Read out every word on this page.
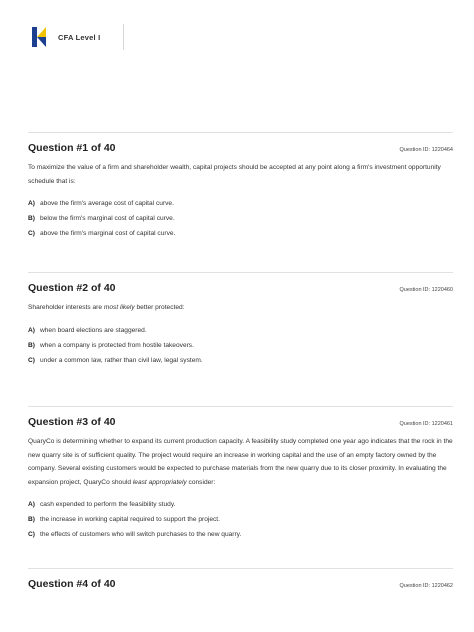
CFA Level I
Question #1 of 40	Question ID: 1220464
To maximize the value of a firm and shareholder wealth, capital projects should be accepted at any point along a firm's investment opportunity schedule that is:
A) above the firm's average cost of capital curve.
B) below the firm's marginal cost of capital curve.
C) above the firm's marginal cost of capital curve.
Question #2 of 40	Question ID: 1220460
Shareholder interests are most likely better protected:
A) when board elections are staggered.
B) when a company is protected from hostile takeovers.
C) under a common law, rather than civil law, legal system.
Question #3 of 40	Question ID: 1220461
QuaryCo is determining whether to expand its current production capacity. A feasibility study completed one year ago indicates that the rock in the new quarry site is of sufficient quality. The project would require an increase in working capital and the use of an empty factory owned by the company. Several existing customers would be expected to purchase materials from the new quarry due to its closer proximity. In evaluating the expansion project, QuaryCo should least appropriately consider:
A) cash expended to perform the feasibility study.
B) the increase in working capital required to support the project.
C) the effects of customers who will switch purchases to the new quarry.
Question #4 of 40	Question ID: 1220462
